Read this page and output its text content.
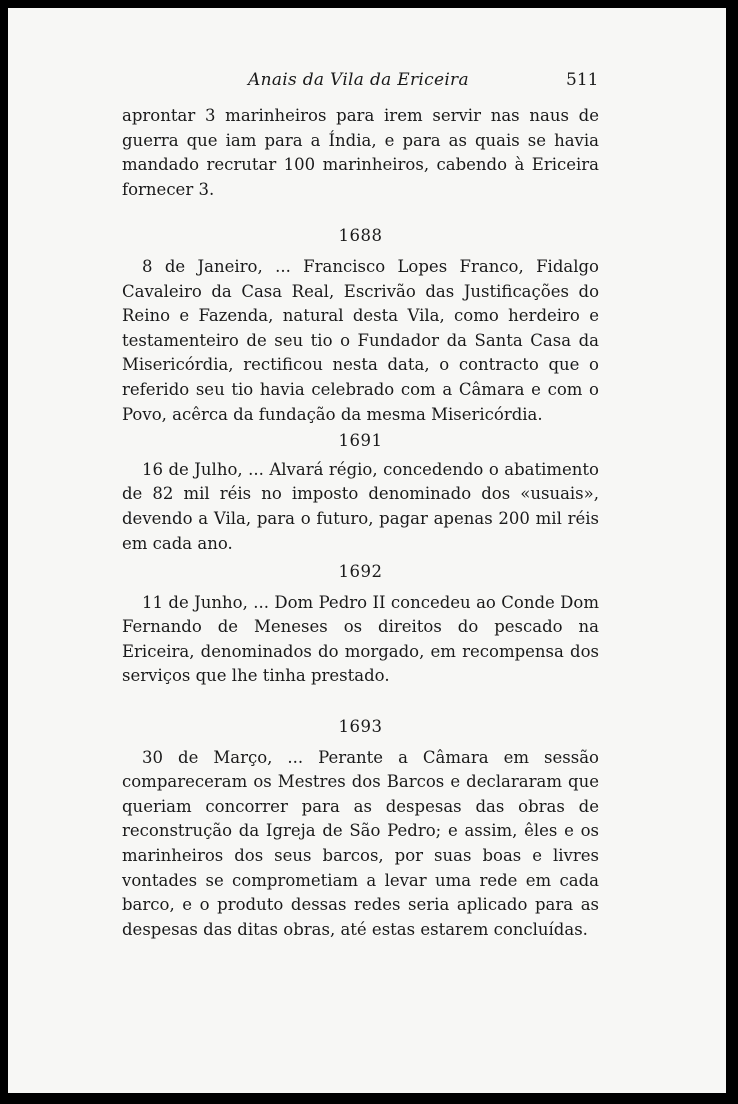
Anais da Vila da Ericeira	511

aprontar 3 marinheiros para irem servir nas naus de guerra que iam para a Índia, e para as quais se havia mandado recrutar 100 marinheiros, cabendo à Ericeira fornecer 3.

1688

8 de Janeiro, ... Francisco Lopes Franco, Fidalgo Cavaleiro da Casa Real, Escrivão das Justificações do Reino e Fazenda, natural desta Vila, como herdeiro e testamenteiro de seu tio o Fundador da Santa Casa da Misericórdia, rectificou nesta data, o contracto que o referido seu tio havia celebrado com a Câmara e com o Povo, acêrca da fundação da mesma Misericórdia.

1691

16 de Julho, ... Alvará régio, concedendo o abatimento de 82 mil réis no imposto denominado dos «usuais», devendo a Vila, para o futuro, pagar apenas 200 mil réis em cada ano.

1692

11 de Junho, ... Dom Pedro II concedeu ao Conde Dom Fernando de Meneses os direitos do pescado na Ericeira, denominados do morgado, em recompensa dos serviços que lhe tinha prestado.

1693

30 de Março, ... Perante a Câmara em sessão compareceram os Mestres dos Barcos e declararam que queriam concorrer para as despesas das obras de reconstrução da Igreja de São Pedro; e assim, êles e os marinheiros dos seus barcos, por suas boas e livres vontades se comprometiam a levar uma rede em cada barco, e o produto dessas redes seria aplicado para as despesas das ditas obras, até estas estarem concluídas.
